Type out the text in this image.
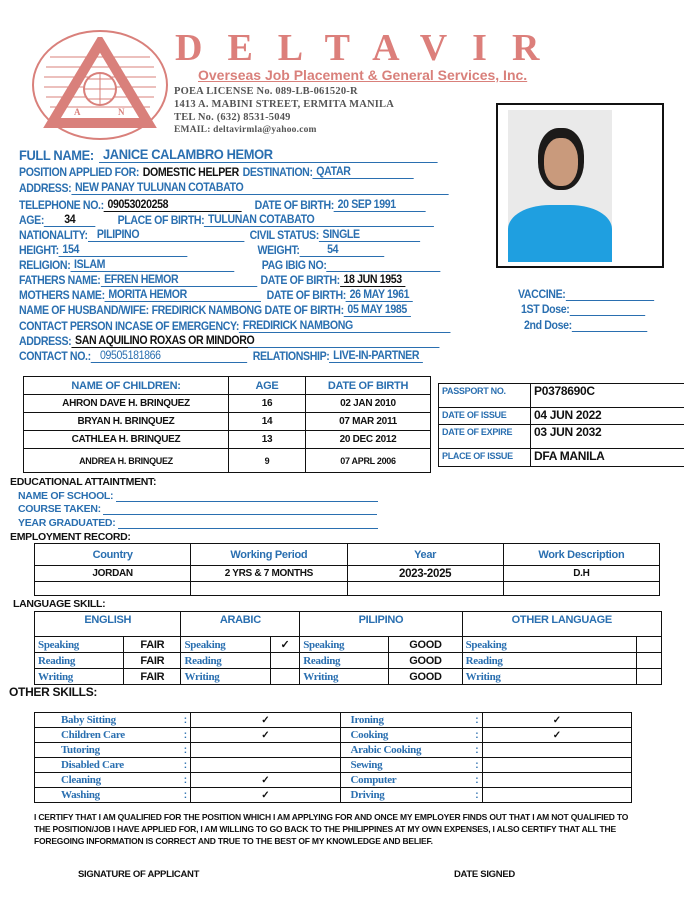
A	N
DELTAVIR
Overseas Job Placement & General Services, Inc.
POEA LICENSE No. 089-LB-061520-R
1413 A. MABINI STREET, ERMITA MANILA
TEL No. (632) 8531-5049
EMAIL: deltavirmla@yahoo.com
FULL NAME: JANICE CALAMBRO HEMOR
POSITION APPLIED FOR: DOMESTIC HELPER DESTINATION: QATAR
ADDRESS: NEW PANAY TULUNAN COTABATO
TELEPHONE NO.: 09053020258	DATE OF BIRTH: 20 SEP 1991
AGE:	34	PLACE OF BIRTH: TULUNAN COTABATO
NATIONALITY: PILIPINO	CIVIL STATUS: SINGLE
HEIGHT: 154	WEIGHT:	54
RELIGION: ISLAM	PAG IBIG NO:
FATHERS NAME: EFREN HEMOR	DATE OF BIRTH: 18 JUN 1953
MOTHERS NAME: MORITA HEMOR	DATE OF BIRTH: 26 MAY 1961
NAME OF HUSBAND/WIFE: FREDIRICK NAMBONG DATE OF BIRTH: 05 MAY 1985
CONTACT PERSON INCASE OF EMERGENCY: FREDIRICK NAMBONG
ADDRESS: SAN AQUILINO ROXAS OR MINDORO
CONTACT NO.: 09505181866	RELATIONSHIP: LIVE-IN-PARTNER
VACCINE:
1ST Dose:
2nd Dose:
NAME OF CHILDREN:	AGE	DATE OF BIRTH
AHRON DAVE H. BRINQUEZ	16	02 JAN 2010
BRYAN H. BRINQUEZ	14	07 MAR 2011
CATHLEA H. BRINQUEZ	13	20 DEC 2012
ANDREA H. BRINQUEZ	9	07 APRL 2006
PASSPORT NO.	P0378690C
DATE OF ISSUE	04 JUN 2022
DATE OF EXPIRE	03 JUN 2032
PLACE OF ISSUE	DFA MANILA
EDUCATIONAL ATTAINTMENT:
NAME OF SCHOOL:
COURSE TAKEN:
YEAR GRADUATED:
EMPLOYMENT RECORD:
Country	Working Period	Year	Work Description
JORDAN	2 YRS & 7 MONTHS	2023-2025	D.H

LANGUAGE SKILL:
ENGLISH		ARABIC		PILIPINO		OTHER LANGUAGE	
Speaking	FAIR	Speaking	✓	Speaking	GOOD	Speaking	
Reading	FAIR	Reading		Reading	GOOD	Reading	
Writing	FAIR	Writing		Writing	GOOD	Writing	
OTHER SKILLS:
Baby Sitting	:	✓	Ironing	:	✓
Children Care	:	✓	Cooking	:	✓
Tutoring	:		Arabic Cooking	:	
Disabled Care	:		Sewing	:	
Cleaning	:	✓	Computer	:	
Washing	:	✓	Driving	:	
I CERTIFY THAT I AM QUALIFIED FOR THE POSITION WHICH I AM APPLYING FOR AND ONCE MY EMPLOYER FINDS OUT THAT I AM NOT QUALIFIED TO THE POSITION/JOB I HAVE APPLIED FOR, I AM WILLING TO GO BACK TO THE PHILIPPINES AT MY OWN EXPENSES, I ALSO CERTIFY THAT ALL THE FOREGOING INFORMATION IS CORRECT AND TRUE TO THE BEST OF MY KNOWLEDGE AND BELIEF.
SIGNATURE OF APPLICANT	DATE SIGNED
